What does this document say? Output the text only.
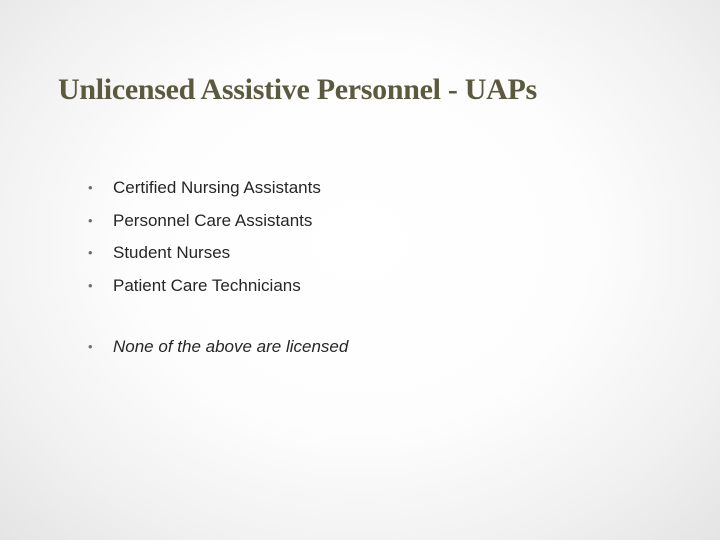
Unlicensed Assistive Personnel - UAPs
• Certified Nursing Assistants
• Personnel Care Assistants
• Student Nurses
• Patient Care Technicians
• None of the above are licensed
